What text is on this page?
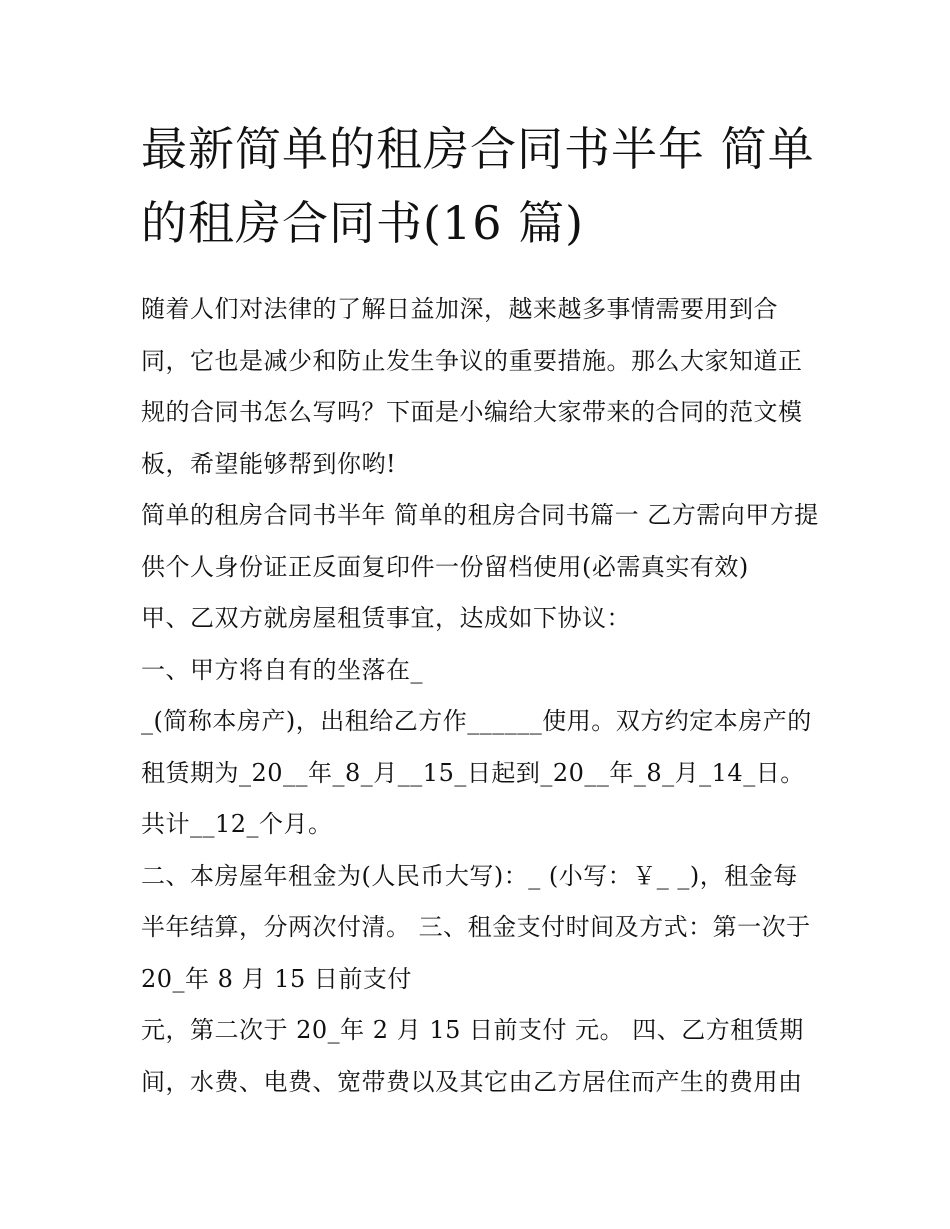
最新简单的租房合同书半年 简单的租房合同书(16 篇)

随着人们对法律的了解日益加深，越来越多事情需要用到合同，它也是减少和防止发生争议的重要措施。那么大家知道正规的合同书怎么写吗？下面是小编给大家带来的合同的范文模板，希望能够帮到你哟!

简单的租房合同书半年 简单的租房合同书篇一 乙方需向甲方提供个人身份证正反面复印件一份留档使用(必需真实有效)

甲、乙双方就房屋租赁事宜，达成如下协议：

一、甲方将自有的坐落在_

_(简称本房产)，出租给乙方作______使用。双方约定本房产的租赁期为_20__年_8_月__15_日起到_20__年_8_月_14_日。共计__12_个月。

二、本房屋年租金为(人民币大写)：_ (小写：￥_ _)，租金每半年结算，分两次付清。 三、租金支付时间及方式：第一次于 20_年 8 月 15 日前支付

元，第二次于 20_年 2 月 15 日前支付 元。 四、乙方租赁期间，水费、电费、宽带费以及其它由乙方居住而产生的费用由
